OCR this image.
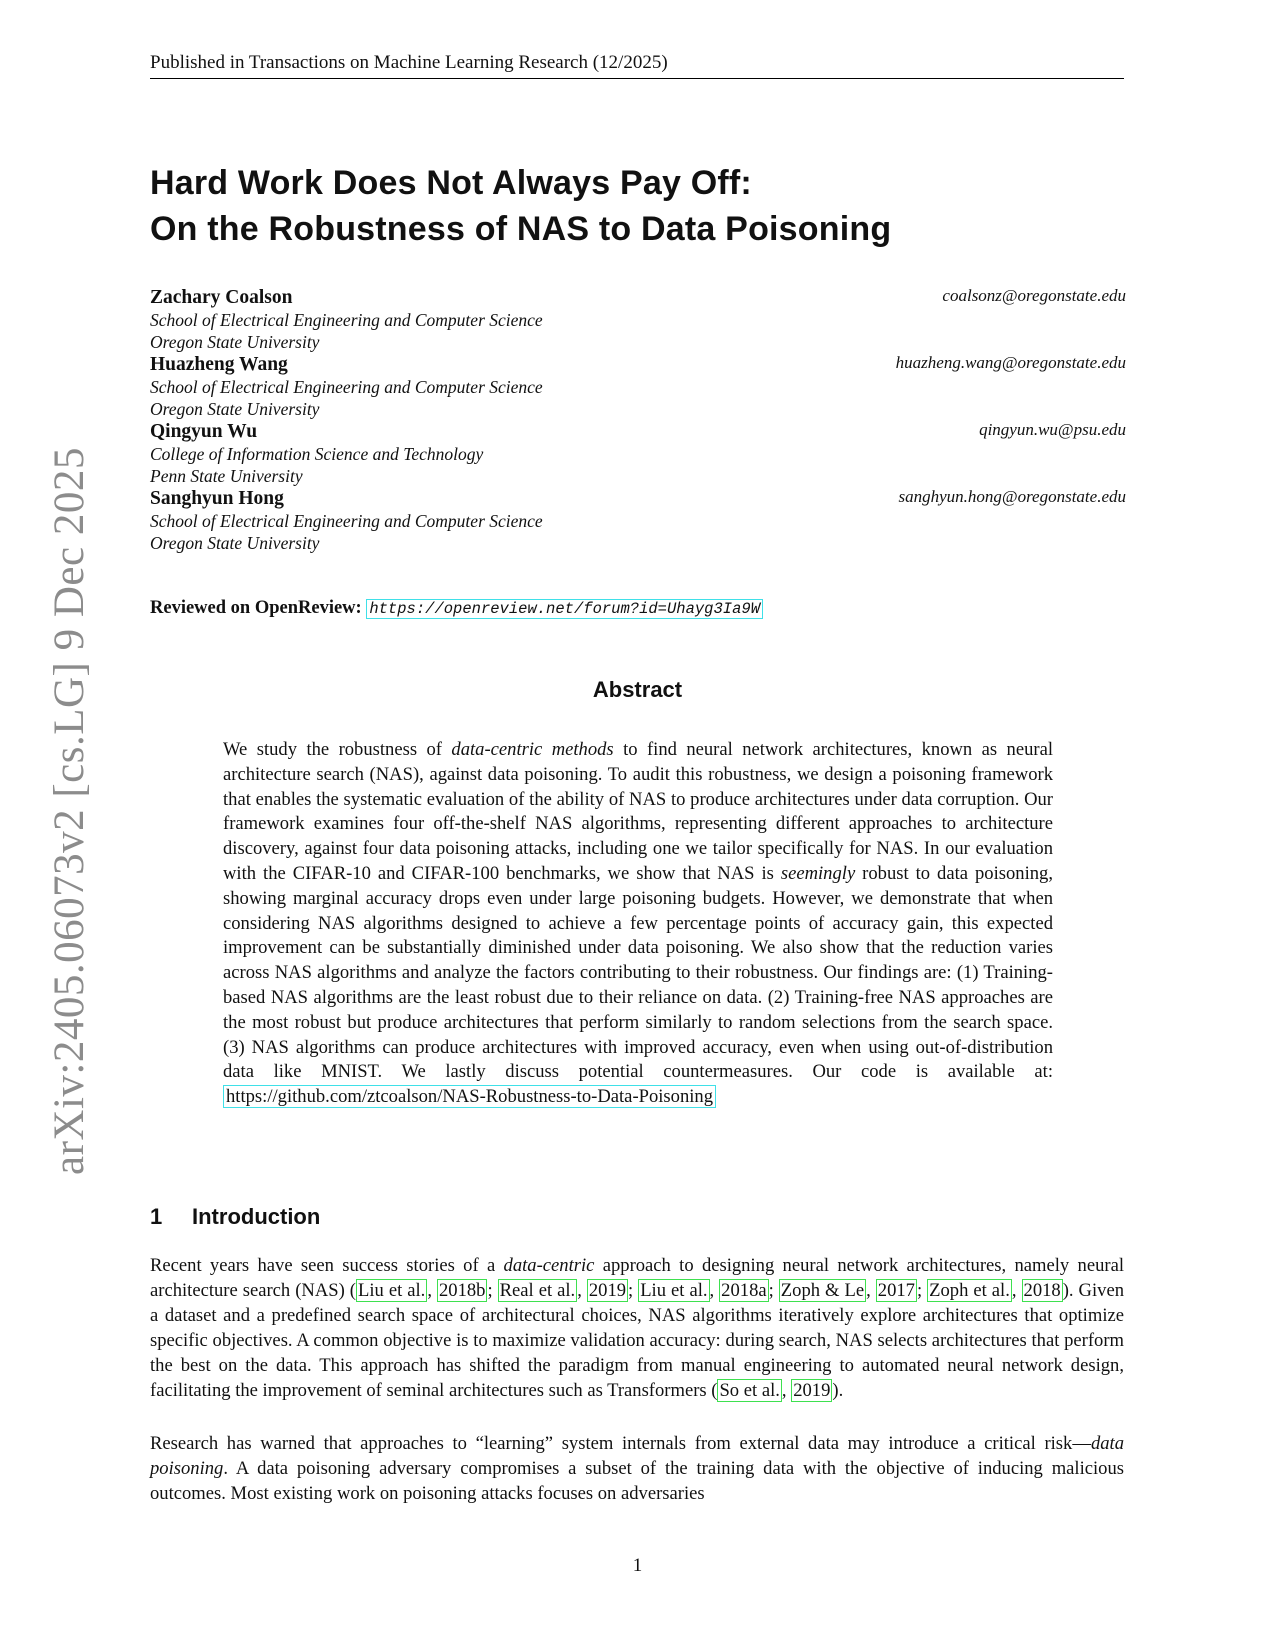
Published in Transactions on Machine Learning Research (12/2025)
Hard Work Does Not Always Pay Off:
On the Robustness of NAS to Data Poisoning
Zachary Coalson
School of Electrical Engineering and Computer Science
Oregon State University
coalsonz@oregonstate.edu
Huazheng Wang
School of Electrical Engineering and Computer Science
Oregon State University
huazheng.wang@oregonstate.edu
Qingyun Wu
College of Information Science and Technology
Penn State University
qingyun.wu@psu.edu
Sanghyun Hong
School of Electrical Engineering and Computer Science
Oregon State University
sanghyun.hong@oregonstate.edu
Reviewed on OpenReview: https://openreview.net/forum?id=Uhayg3Ia9W
Abstract

We study the robustness of data-centric methods to find neural network architectures, known as neural architecture search (NAS), against data poisoning. To audit this robustness, we design a poisoning framework that enables the systematic evaluation of the ability of NAS to produce architectures under data corruption. Our framework examines four off-the-shelf NAS algorithms, representing different approaches to architecture discovery, against four data poisoning attacks, including one we tailor specifically for NAS. In our evaluation with the CIFAR-10 and CIFAR-100 benchmarks, we show that NAS is seemingly robust to data poisoning, showing marginal accuracy drops even under large poisoning budgets. However, we demonstrate that when considering NAS algorithms designed to achieve a few percentage points of accuracy gain, this expected improvement can be substantially diminished under data poisoning. We also show that the reduction varies across NAS algorithms and analyze the factors contributing to their robustness. Our findings are: (1) Training-based NAS algorithms are the least robust due to their reliance on data. (2) Training-free NAS approaches are the most robust but produce architectures that perform similarly to random selections from the search space. (3) NAS algorithms can produce architectures with improved accuracy, even when using out-of-distribution data like MNIST. We lastly discuss potential countermeasures. Our code is available at: https://github.com/ztcoalson/NAS-Robustness-to-Data-Poisoning

1 Introduction

Recent years have seen success stories of a data-centric approach to designing neural network architectures, namely neural architecture search (NAS) ( Liu et al. , 2018b ; Real et al. , 2019 ; Liu et al. , 2018a ; Zoph & Le , 2017 ; Zoph et al. , 2018 ). Given a dataset and a predefined search space of architectural choices, NAS algorithms iteratively explore architectures that optimize specific objectives. A common objective is to maximize validation accuracy: during search, NAS selects architectures that perform the best on the data. This approach has shifted the paradigm from manual engineering to automated neural network design, facilitating the improvement of seminal architectures such as Transformers ( So et al. , 2019 ).

Research has warned that approaches to “learning” system internals from external data may introduce a critical risk—data poisoning. A data poisoning adversary compromises a subset of the training data with the objective of inducing malicious outcomes. Most existing work on poisoning attacks focuses on adversaries

1
arXiv:2405.06073v2 [cs.LG] 9 Dec 2025
